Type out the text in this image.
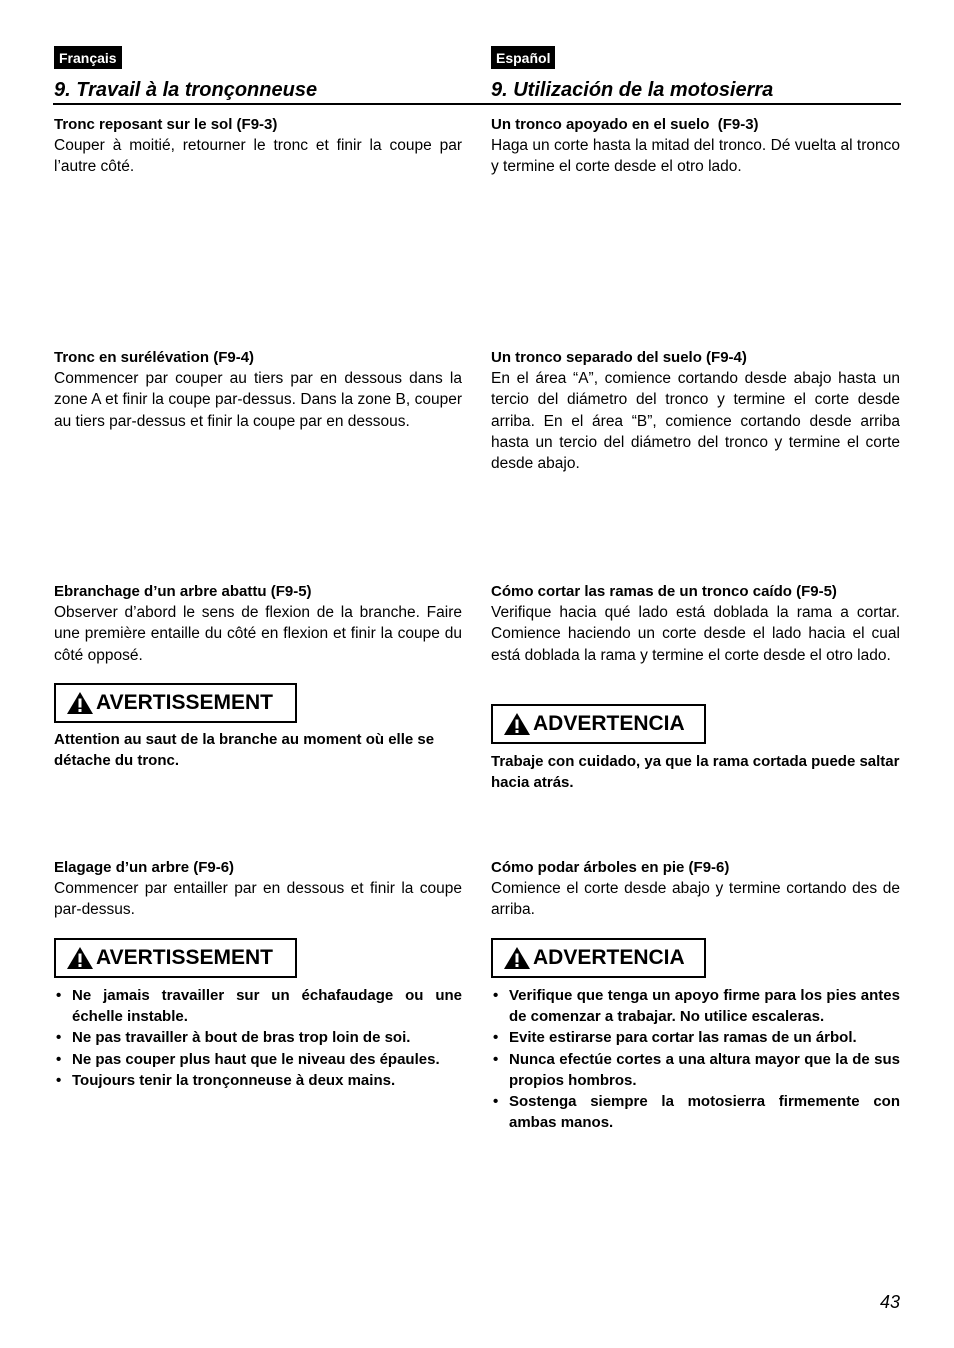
Français
9. Travail à la tronçonneuse
Tronc reposant sur le sol (F9-3)
Couper à moitié, retourner le tronc et finir la coupe par l’autre côté.
Tronc en surélévation (F9-4)
Commencer par couper au tiers par en dessous dans la zone A et finir la coupe par-dessus. Dans la zone B, couper au tiers par-dessus et finir la coupe par en dessous.
Ebranchage d’un arbre abattu (F9-5)
Observer d’abord le sens de flexion de la branche. Faire une première entaille du côté en flexion et finir la coupe du côté opposé.
AVERTISSEMENT
Attention au saut de la branche au moment où elle se détache du tronc.
Elagage d’un arbre (F9-6)
Commencer par entailler par en dessous et finir la coupe par-dessus.
AVERTISSEMENT
• Ne jamais travailler sur un échafaudage ou une échelle instable.
• Ne pas travailler à bout de bras trop loin de soi.
• Ne pas couper plus haut que le niveau des épaules.
• Toujours tenir la tronçonneuse à deux mains.
Español
9. Utilización de la motosierra
Un tronco apoyado en el suelo  (F9-3)
Haga un corte hasta la mitad del tronco. Dé vuelta al tronco y termine el corte desde el otro lado.
Un tronco separado del suelo (F9-4)
En el área “A”, comience cortando desde abajo hasta un tercio del diámetro del tronco y termine el corte desde arriba. En el área “B”, comience cortando desde arriba hasta un tercio del diámetro del tronco y termine el corte desde abajo.
Cómo cortar las ramas de un tronco caído (F9-5)
Verifique hacia qué lado está doblada la rama a cortar. Comience haciendo un corte desde el lado hacia el cual está doblada la rama y termine el corte desde el otro lado.
ADVERTENCIA
Trabaje con cuidado, ya que la rama cortada puede saltar hacia atrás.
Cómo podar árboles en pie (F9-6)
Comience el corte desde abajo y termine cortando des de arriba.
ADVERTENCIA
• Verifique que tenga un apoyo firme para los pies antes de comenzar a trabajar. No utilice escaleras.
• Evite estirarse para cortar las ramas de un árbol.
• Nunca efectúe cortes a una altura mayor que la de sus propios hombros.
• Sostenga siempre la motosierra firmemente con ambas manos.
43
